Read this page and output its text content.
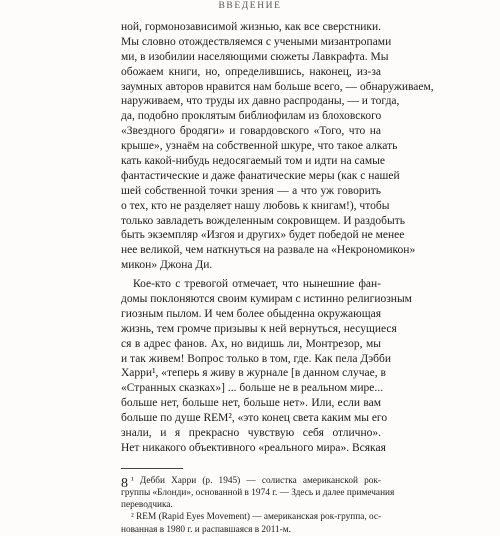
ВВЕДЕНИЕ
ной, гормонозависимой жизнью, как все сверстники.
Мы словно отождествляемся с учеными мизантропами
ми, в изобилии населяющими сюжеты Лавкрафта. Мы
обожаем книги, но, определившись, наконец, из-за
заумных авторов нравится нам больше всего, — обнаруживаем,
наруживаем, что труды их давно распроданы, — и тогда,
да, подобно проклятым библиофилам из блоховского
«Звездного бродяги» и говардовского «Того, что на
крыше», узнаём на собственной шкуре, что такое алкать
кать какой-нибудь недосягаемый том и идти на самые
фантастические и даже фанатические меры (как с нашей
шей собственной точки зрения — а что уж говорить
о тех, кто не разделяет нашу любовь к книгам!), чтобы
только завладеть вожделенным сокровищем. И раздобыть
быть экземпляр «Изгоя и других» будет победой не менее
нее великой, чем наткнуться на развале на «Некрономикон»
микон» Джона Ди.
Кое-кто с тревогой отмечает, что нынешние фан-
домы поклоняются своим кумирам с истинно религиозным
гиозным пылом. И чем более обыденна окружающая
жизнь, тем громче призывы к ней вернуться, несущиеся
ся в адрес фанов. Ах, но видишь ли, Монтрезор, мы
и так живем! Вопрос только в том, где. Как пела Дэбби
Харри¹, «теперь я живу в журнале [в данном случае, в
«Странных сказках»] ... больше не в реальном мире...
больше нет, больше нет, больше нет». Или, если вам
больше по душе REM², «это конец света каким мы его
знали, и я прекрасно чувствую себя отлично».
Нет никакого объективного «реального мира». Всякая
¹ Дебби Харри (р. 1945) — солистка американской рок-
группы «Блонди», основанной в 1974 г. — Здесь и далее примечания
переводчика.
² REM (Rapid Eyes Movement) — американская рок-группа, ос-
нованная в 1980 г. и распавшаяся в 2011-м.
8
